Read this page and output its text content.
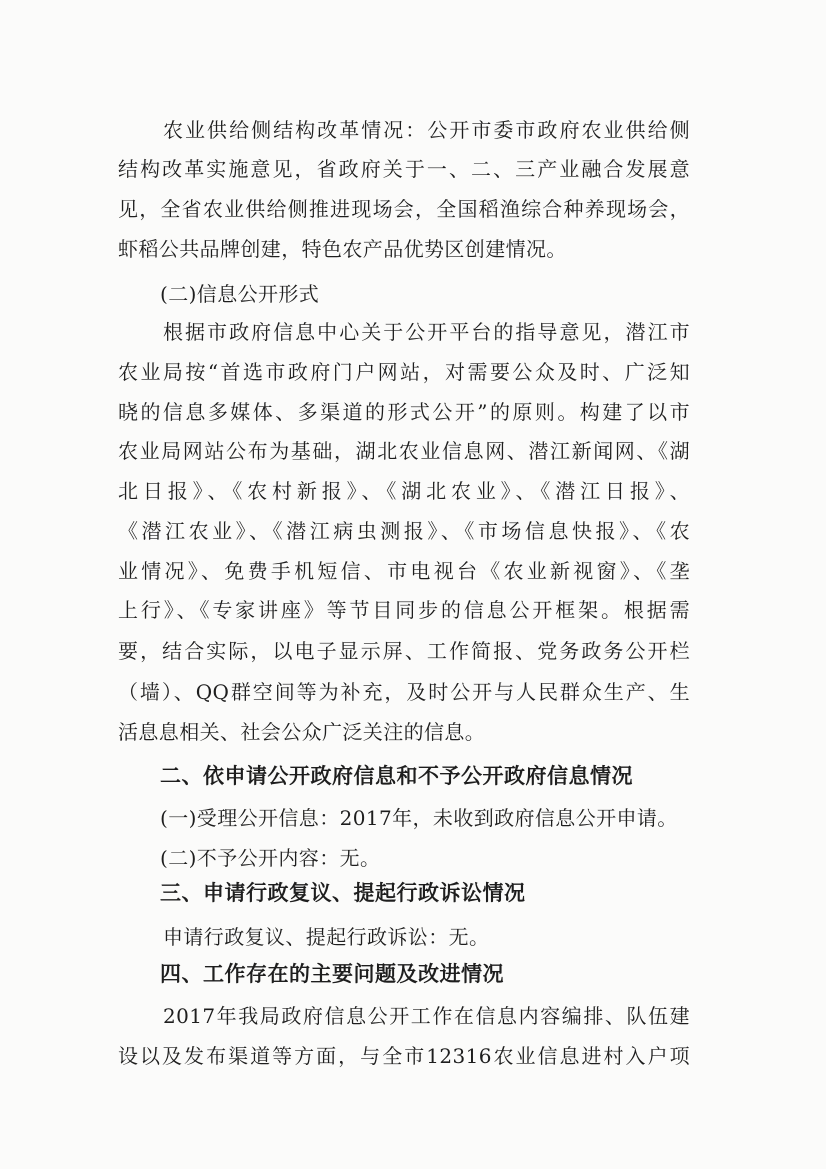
农业供给侧结构改革情况：公开市委市政府农业供给侧
结构改革实施意见，省政府关于一、二、三产业融合发展意
见，全省农业供给侧推进现场会，全国稻渔综合种养现场会，
虾稻公共品牌创建，特色农产品优势区创建情况。
(二)信息公开形式
根据市政府信息中心关于公开平台的指导意见，潜江市
农业局按“首选市政府门户网站，对需要公众及时、广泛知
晓的信息多媒体、多渠道的形式公开”的原则。构建了以市
农业局网站公布为基础，湖北农业信息网、潜江新闻网、《湖
北日报》、《农村新报》、《湖北农业》、《潜江日报》、
《潜江农业》、《潜江病虫测报》、《市场信息快报》、《农
业情况》、免费手机短信、市电视台《农业新视窗》、《垄
上行》、《专家讲座》等节目同步的信息公开框架。根据需
要，结合实际，以电子显示屏、工作简报、党务政务公开栏
（墙）、QQ群空间等为补充，及时公开与人民群众生产、生
活息息相关、社会公众广泛关注的信息。
二、依申请公开政府信息和不予公开政府信息情况
(一)受理公开信息：2017年，未收到政府信息公开申请。
(二)不予公开内容：无。
三、申请行政复议、提起行政诉讼情况
申请行政复议、提起行政诉讼：无。
四、工作存在的主要问题及改进情况
2017年我局政府信息公开工作在信息内容编排、队伍建
设以及发布渠道等方面，与全市12316农业信息进村入户项
